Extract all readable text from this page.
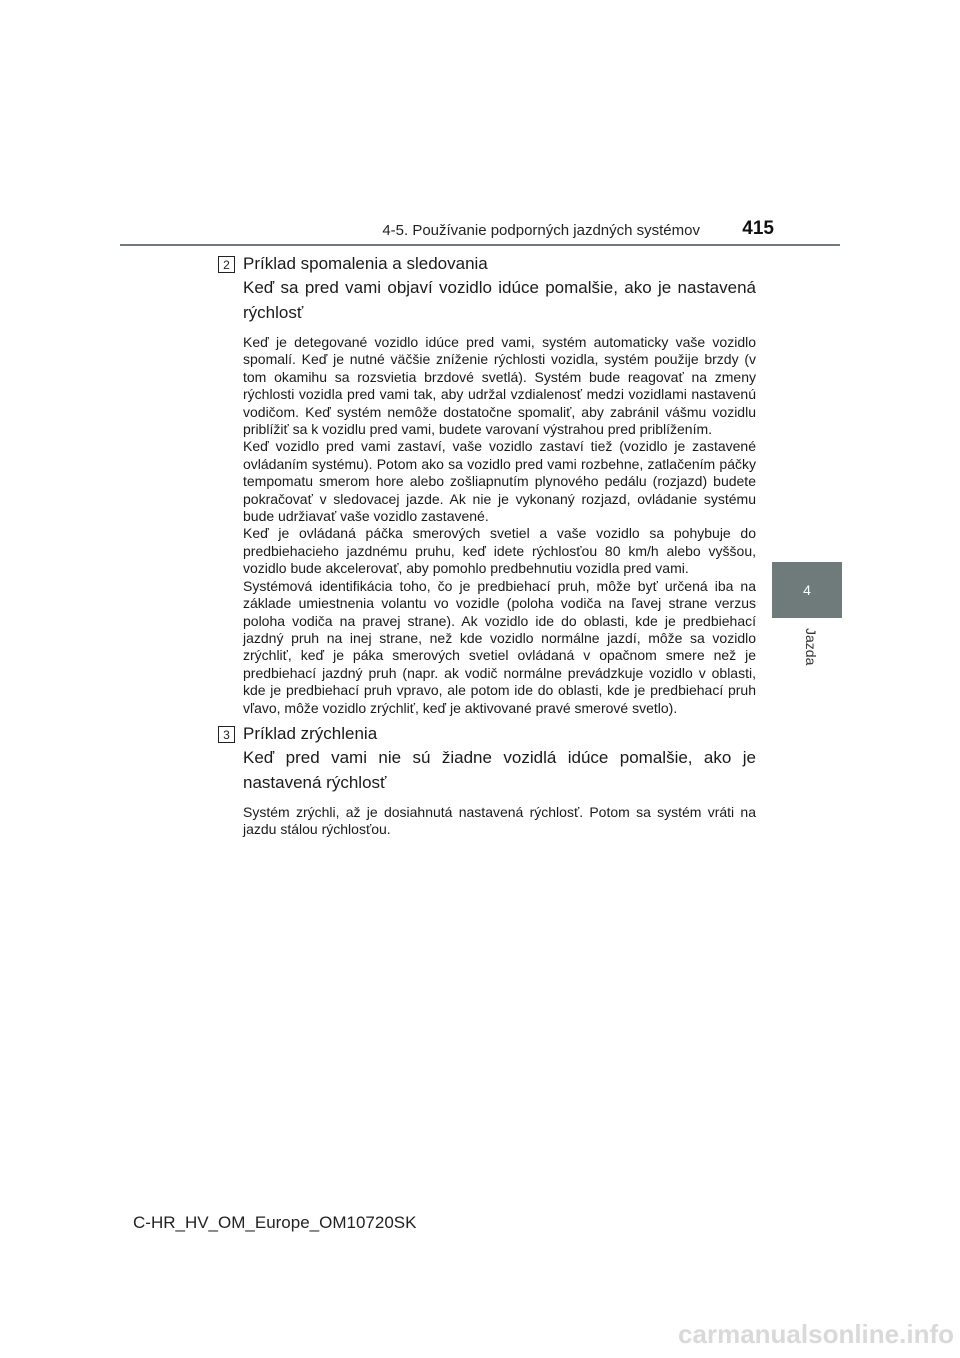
4-5. Používanie podporných jazdných systémov 415
4
Jazda
2 Príklad spomalenia a sledovania
Keď sa pred vami objaví vozidlo idúce pomalšie, ako je nastavená rýchlosť

Keď je detegované vozidlo idúce pred vami, systém automaticky vaše vozidlo spomalí. Keď je nutné väčšie zníženie rýchlosti vozidla, systém použije brzdy (v tom okamihu sa rozsvietia brzdové svetlá). Systém bude reagovať na zmeny rýchlosti vozidla pred vami tak, aby udržal vzdialenosť medzi vozidlami nastavenú vodičom. Keď systém nemôže dostatočne spomaliť, aby zabránil vášmu vozidlu priblížiť sa k vozidlu pred vami, budete varovaní výstrahou pred priblížením.

Keď vozidlo pred vami zastaví, vaše vozidlo zastaví tiež (vozidlo je zastavené ovládaním systému). Potom ako sa vozidlo pred vami rozbehne, zatlačením páčky tempomatu smerom hore alebo zošliapnutím plynového pedálu (rozjazd) budete pokračovať v sledovacej jazde. Ak nie je vykonaný rozjazd, ovládanie systému bude udržiavať vaše vozidlo zastavené.

Keď je ovládaná páčka smerových svetiel a vaše vozidlo sa pohybuje do predbiehacieho jazdnému pruhu, keď idete rýchlosťou 80 km/h alebo vyššou, vozidlo bude akcelerovať, aby pomohlo predbehnutiu vozidla pred vami.

Systémová identifikácia toho, čo je predbiehací pruh, môže byť určená iba na základe umiestnenia volantu vo vozidle (poloha vodiča na ľavej strane verzus poloha vodiča na pravej strane). Ak vozidlo ide do oblasti, kde je predbiehací jazdný pruh na inej strane, než kde vozidlo normálne jazdí, môže sa vozidlo zrýchliť, keď je páka smerových svetiel ovládaná v opačnom smere než je predbiehací jazdný pruh (napr. ak vodič normálne prevádzkuje vozidlo v oblasti, kde je predbiehací pruh vpravo, ale potom ide do oblasti, kde je predbiehací pruh vľavo, môže vozidlo zrýchliť, keď je aktivované pravé smerové svetlo).

3 Príklad zrýchlenia
Keď pred vami nie sú žiadne vozidlá idúce pomalšie, ako je nastavená rýchlosť

Systém zrýchli, až je dosiahnutá nastavená rýchlosť. Potom sa systém vráti na jazdu stálou rýchlosťou.

C-HR_HV_OM_Europe_OM10720SK
carmanualsonline.info
